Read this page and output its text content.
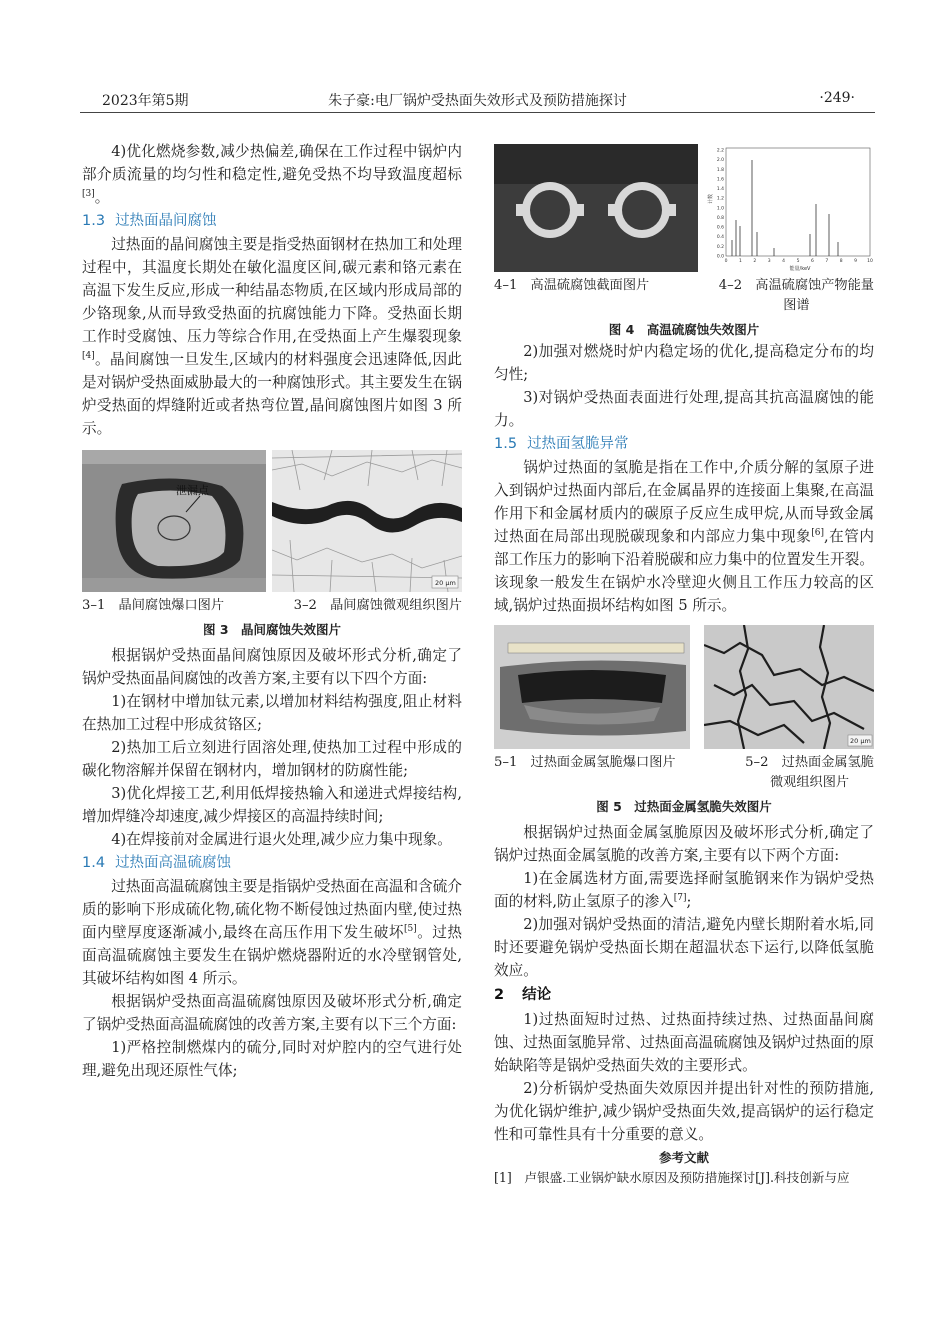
2023年第5期	朱子豪:电厂锅炉受热面失效形式及预防措施探讨	·249·

4)优化燃烧参数,减少热偏差,确保在工作过程中锅炉内部介质流量的均匀性和稳定性,避免受热不均导致温度超标[3]。

1.3 过热面晶间腐蚀

过热面的晶间腐蚀主要是指受热面钢材在热加工和处理过程中，其温度长期处在敏化温度区间,碳元素和铬元素在高温下发生反应,形成一种结晶态物质,在区域内形成局部的少铬现象,从而导致受热面的抗腐蚀能力下降。受热面长期工作时受腐蚀、压力等综合作用,在受热面上产生爆裂现象[4]。晶间腐蚀一旦发生,区域内的材料强度会迅速降低,因此是对锅炉受热面威胁最大的一种腐蚀形式。其主要发生在锅炉受热面的焊缝附近或者热弯位置,晶间腐蚀图片如图 3 所示。

泄漏点
20 μm
3–1　晶间腐蚀爆口图片	3–2　晶间腐蚀微观组织图片
图 3　晶间腐蚀失效图片

根据锅炉受热面晶间腐蚀原因及破坏形式分析,确定了锅炉受热面晶间腐蚀的改善方案,主要有以下四个方面:

1)在钢材中增加钛元素,以增加材料结构强度,阻止材料在热加工过程中形成贫铬区;

2)热加工后立刻进行固溶处理,使热加工过程中形成的碳化物溶解并保留在钢材内，增加钢材的防腐性能;

3)优化焊接工艺,利用低焊接热输入和递进式焊接结构,增加焊缝冷却速度,减少焊接区的高温持续时间;

4)在焊接前对金属进行退火处理,减少应力集中现象。

1.4 过热面高温硫腐蚀

过热面高温硫腐蚀主要是指锅炉受热面在高温和含硫介质的影响下形成硫化物,硫化物不断侵蚀过热面内壁,使过热面内壁厚度逐渐减小,最终在高压作用下发生破坏[5]。过热面高温硫腐蚀主要发生在锅炉燃烧器附近的水冷壁钢管处,其破坏结构如图 4 所示。

根据锅炉受热面高温硫腐蚀原因及破坏形式分析,确定了锅炉受热面高温硫腐蚀的改善方案,主要有以下三个方面:

1)严格控制燃煤内的硫分,同时对炉腔内的空气进行处理,避免出现还原性气体;

2.2
2.0
1.8
1.6
1.4
1.2
1.0
0.8
0.6
0.4
0.2
0.0
0	1	2	3	4	5	6	7	8	9 10
计数
能量/keV
4–1　高温硫腐蚀截面图片	4–2　高温硫腐蚀产物能量
图谱
图 4　高温硫腐蚀失效图片

2)加强对燃烧时炉内稳定场的优化,提高稳定分布的均匀性;

3)对锅炉受热面表面进行处理,提高其抗高温腐蚀的能力。

1.5 过热面氢脆异常

锅炉过热面的氢脆是指在工作中,介质分解的氢原子进入到锅炉过热面内部后,在金属晶界的连接面上集聚,在高温作用下和金属材质内的碳原子反应生成甲烷,从而导致金属过热面在局部出现脱碳现象和内部应力集中现象[6],在管内部工作压力的影响下沿着脱碳和应力集中的位置发生开裂。该现象一般发生在锅炉水冷壁迎火侧且工作压力较高的区域,锅炉过热面损坏结构如图 5 所示。

20 μm
5–1　过热面金属氢脆爆口图片	5–2　过热面金属氢脆
微观组织图片
图 5　过热面金属氢脆失效图片

根据锅炉过热面金属氢脆原因及破坏形式分析,确定了锅炉过热面金属氢脆的改善方案,主要有以下两个方面:

1)在金属选材方面,需要选择耐氢脆钢来作为锅炉受热面的材料,防止氢原子的渗入[7];

2)加强对锅炉受热面的清洁,避免内壁长期附着水垢,同时还要避免锅炉受热面长期在超温状态下运行,以降低氢脆效应。

2 结论

1)过热面短时过热、过热面持续过热、过热面晶间腐蚀、过热面氢脆异常、过热面高温硫腐蚀及锅炉过热面的原始缺陷等是锅炉受热面失效的主要形式。

2)分析锅炉受热面失效原因并提出针对性的预防措施,为优化锅炉维护,减少锅炉受热面失效,提高锅炉的运行稳定性和可靠性具有十分重要的意义。

参考文献

[1]　卢银盛.工业锅炉缺水原因及预防措施探讨[J].科技创新与应
